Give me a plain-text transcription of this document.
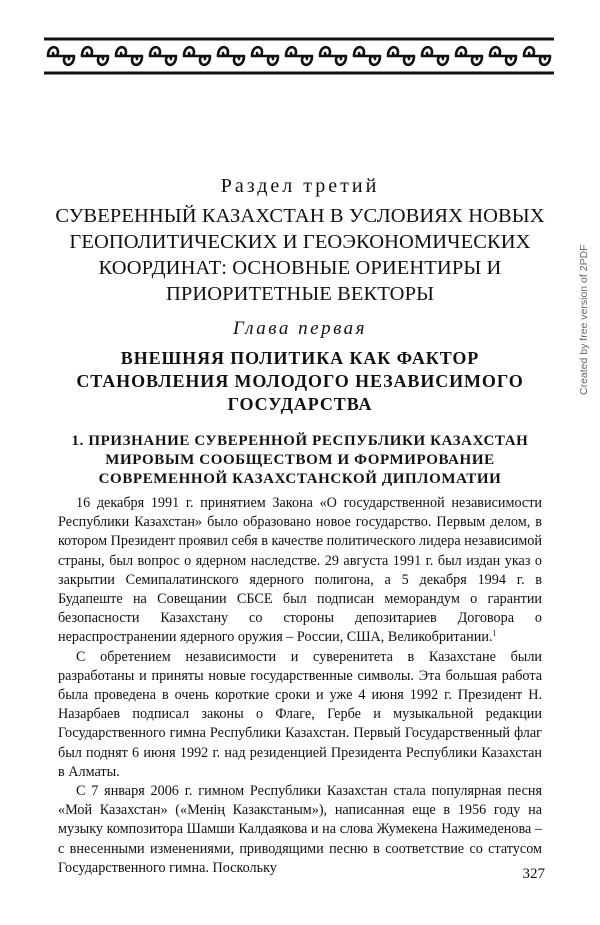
Created by free version of 2PDF
Раздел третий
СУВЕРЕННЫЙ КАЗАХСТАН В УСЛОВИЯХ НОВЫХ
ГЕОПОЛИТИЧЕСКИХ И ГЕОЭКОНОМИЧЕСКИХ
КООРДИНАТ: ОСНОВНЫЕ ОРИЕНТИРЫ И
ПРИОРИТЕТНЫЕ ВЕКТОРЫ
Глава первая
ВНЕШНЯЯ ПОЛИТИКА КАК ФАКТОР
СТАНОВЛЕНИЯ МОЛОДОГО НЕЗАВИСИМОГО
ГОСУДАРСТВА
1. ПРИЗНАНИЕ СУВЕРЕННОЙ РЕСПУБЛИКИ КАЗАХСТАН
МИРОВЫМ СООБЩЕСТВОМ И ФОРМИРОВАНИЕ
СОВРЕМЕННОЙ КАЗАХСТАНСКОЙ ДИПЛОМАТИИ

16 декабря 1991 г. принятием Закона «О государственной независимости Республики Казахстан» было образовано новое государство. Первым делом, в котором Президент проявил себя в качестве политического лидера независимой страны, был вопрос о ядерном наследстве. 29 августа 1991 г. был издан указ о закрытии Семипалатинского ядерного полигона, а 5 декабря 1994 г. в Будапеште на Совещании СБСЕ был подписан меморандум о гарантии безопасности Казахстану со стороны депозитариев Договора о нераспространении ядерного оружия – России, США, Великобритании.$^1$

С обретением независимости и суверенитета в Казахстане были разработаны и приняты новые государственные символы. Эта большая работа была проведена в очень короткие сроки и уже 4 июня 1992 г. Президент Н. Назарбаев подписал законы о Флаге, Гербе и музыкальной редакции Государственного гимна Республики Казахстан. Первый Государственный флаг был поднят 6 июня 1992 г. над резиденцией Президента Республики Казахстан в Алматы.

С 7 января 2006 г. гимном Республики Казахстан стала популярная песня «Мой Казахстан» («Менің Казакстаным»), написанная еще в 1956 году на музыку композитора Шамши Калдаякова и на слова Жумекена Нажимеденова – с внесенными изменениями, приводящими песню в соответствие со статусом Государственного гимна. Поскольку	327
